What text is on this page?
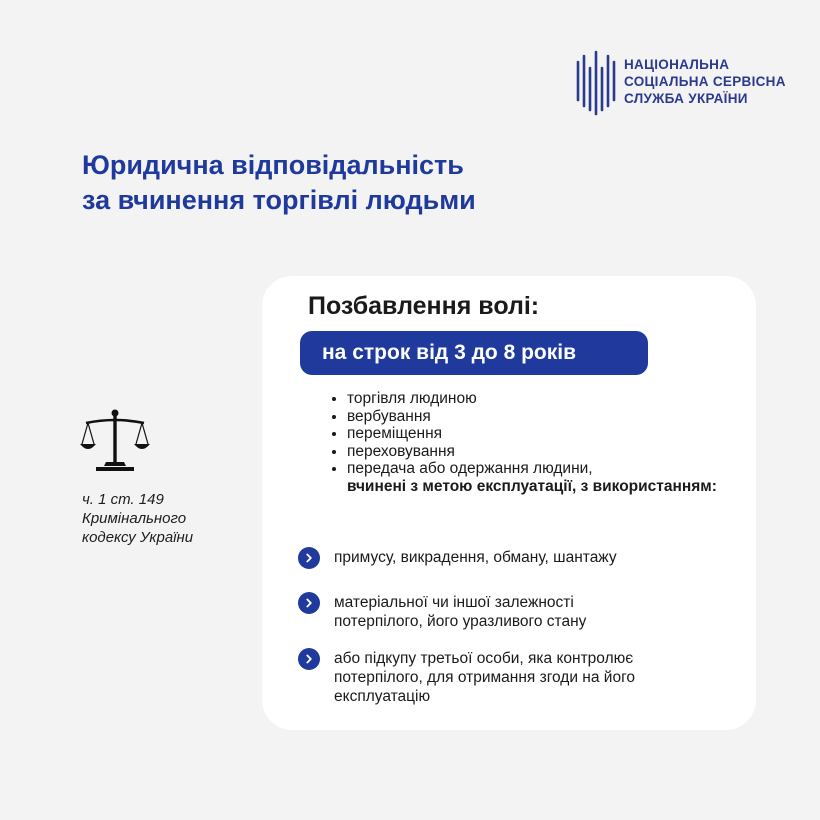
НАЦІОНАЛЬНА
СОЦІАЛЬНА СЕРВІСНА
СЛУЖБА УКРАЇНИ
Юридична відповідальність
за вчинення торгівлі людьми
ч. 1 ст. 149
Кримінального
кодексу України
Позбавлення волі:
на строк від 3 до 8 років
• торгівля людиною
• вербування
• переміщення
• переховування
• передача або одержання людини,
вчинені з метою експлуатації, з використанням:
примусу, викрадення, обману, шантажу
матеріальної чи іншої залежності потерпілого, його уразливого стану
або підкупу третьої особи, яка контролює потерпілого, для отримання згоди на його експлуатацію
